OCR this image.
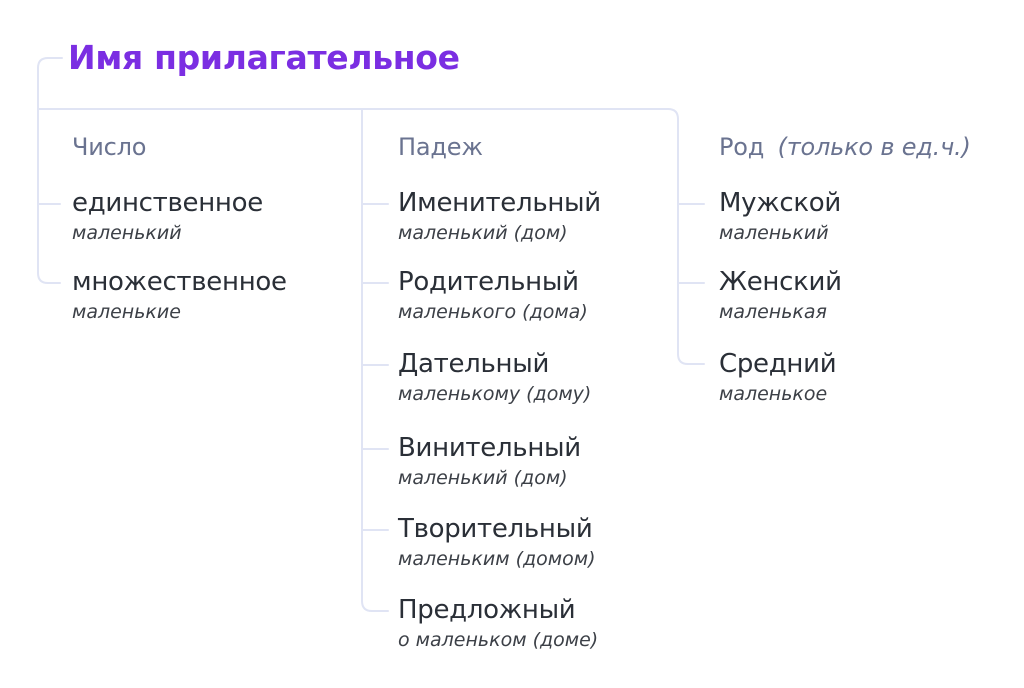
Имя прилагательное
Число	Падеж	Род (только в ед.ч.)
единственное
маленький
множественное
маленькие
Именительный
маленький (дом)
Родительный
маленького (дома)
Дательный
маленькому (дому)
Винительный
маленький (дом)
Творительный
маленьким (домом)
Предложный
о маленьком (доме)
Мужской
маленький
Женский
маленькая
Средний
маленькое
